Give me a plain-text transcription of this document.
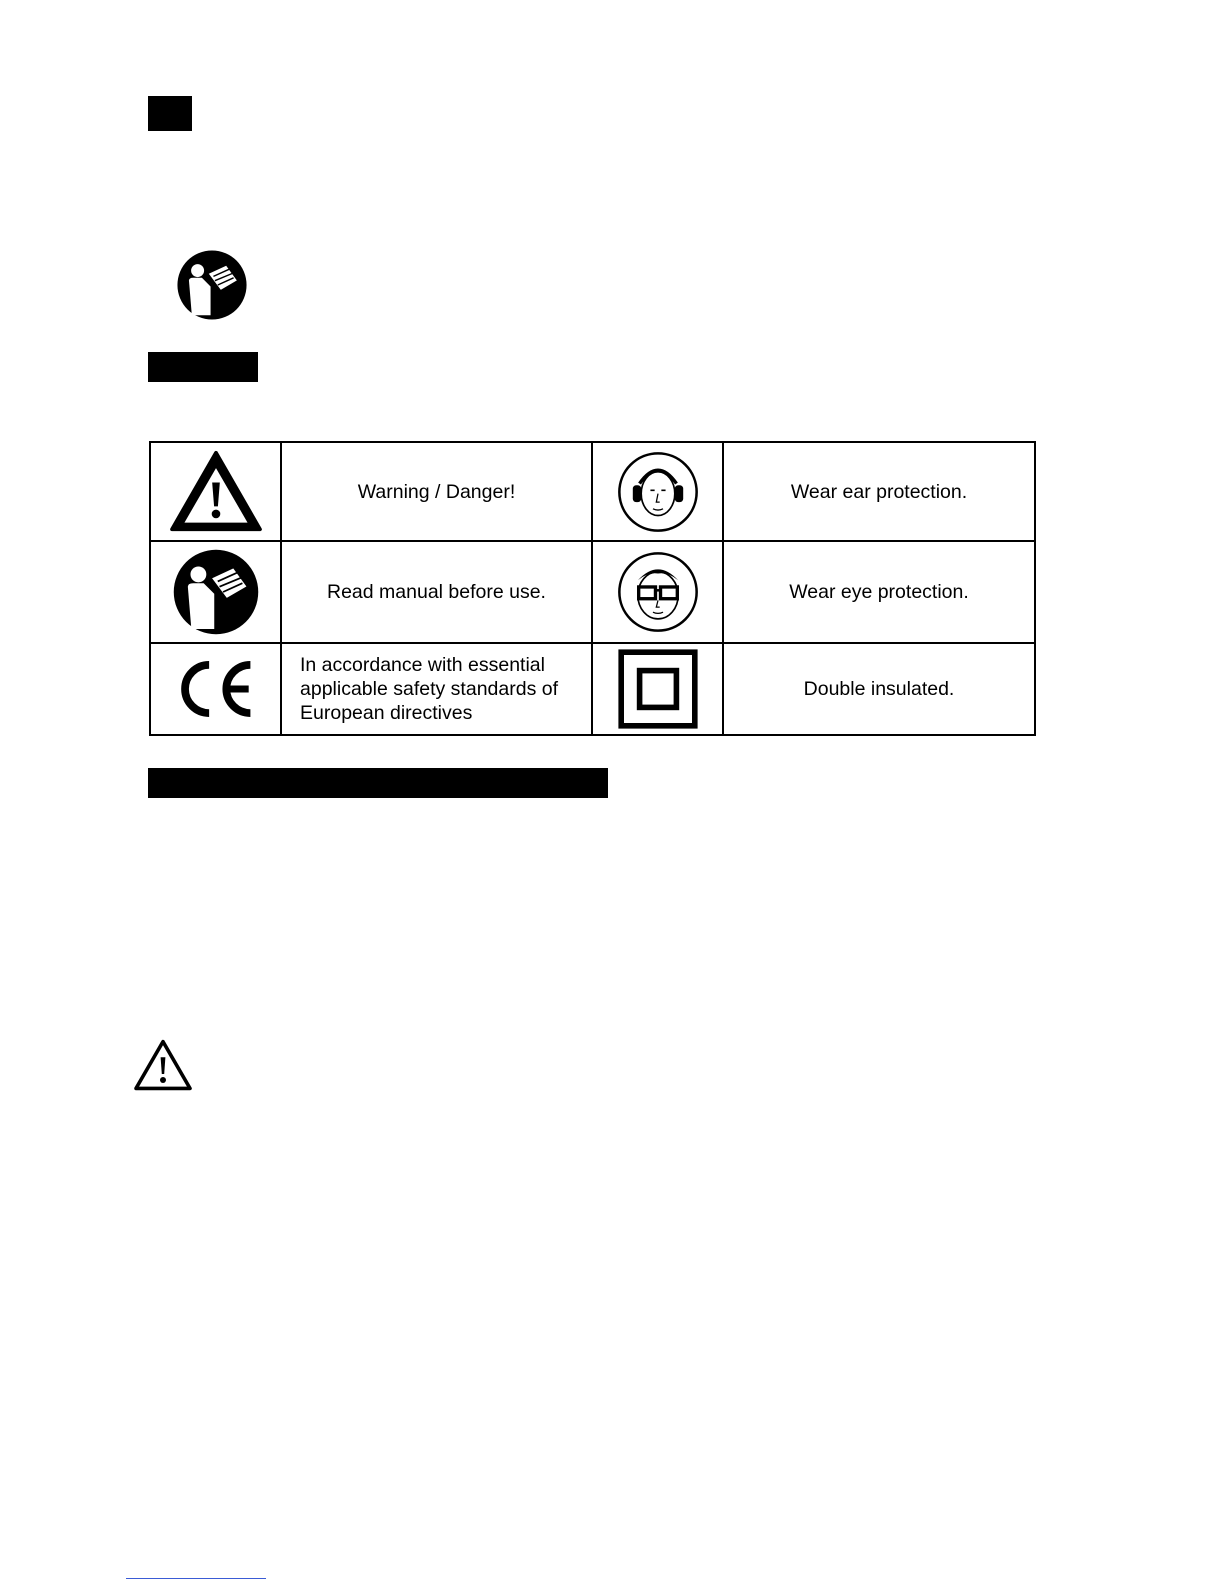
	Warning / Danger!		Wear ear protection.

	Read manual before use.		Wear eye protection.

In accordance with essential
applicable safety standards of
European directives		Double insulated.
